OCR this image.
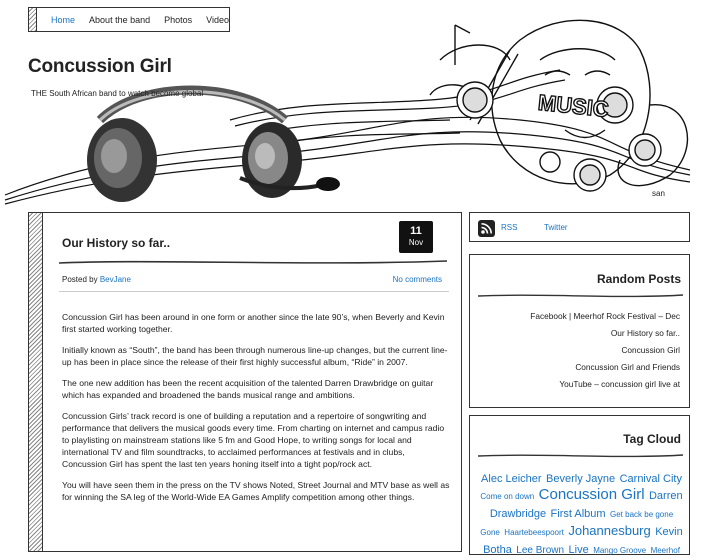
MUSIC
san
Home About the band Photos Video
Concussion Girl
THE South African band to watch become global
Our History so far..
11
Nov
Posted by BevJane	No comments

Concussion Girl has been around in one form or another since the late 90’s, when Beverly and Kevin first started working together.

Initially known as “South”, the band has been through numerous line-up changes, but the current line-up has been in place since the release of their first highly successful album, “Ride” in 2007.

The one new addition has been the recent acquisition of the talented Darren Drawbridge on guitar which has expanded and broadened the bands musical range and ambitions.

Concussion Girls’ track record is one of building a reputation and a repertoire of songwriting and performance that delivers the musical goods every time. From charting on internet and campus radio to playlisting on mainstream stations like 5 fm and Good Hope, to writing songs for local and international TV and film soundtracks, to acclaimed performances at festivals and in clubs, Concussion Girl has spent the last ten years honing itself into a tight pop/rock act.

You will have seen them in the press on the TV shows Noted, Street Journal and MTV base as well as for winning the SA leg of the World-Wide EA Games Amplify competition among other things.

RSS	Twitter
Random Posts
Facebook | Meerhof Rock Festival – Dec
Our History so far..
Concussion Girl
Concussion Girl and Friends
YouTube – concussion girl live at
Tag Cloud
Alec Leicher Beverly Jayne Carnival City Come on down Concussion Girl Darren Drawbridge First Album Get back be gone Gone Haartebeespoort Johannesburg Kevin Botha Lee Brown Live Mango Groove Meerhof
